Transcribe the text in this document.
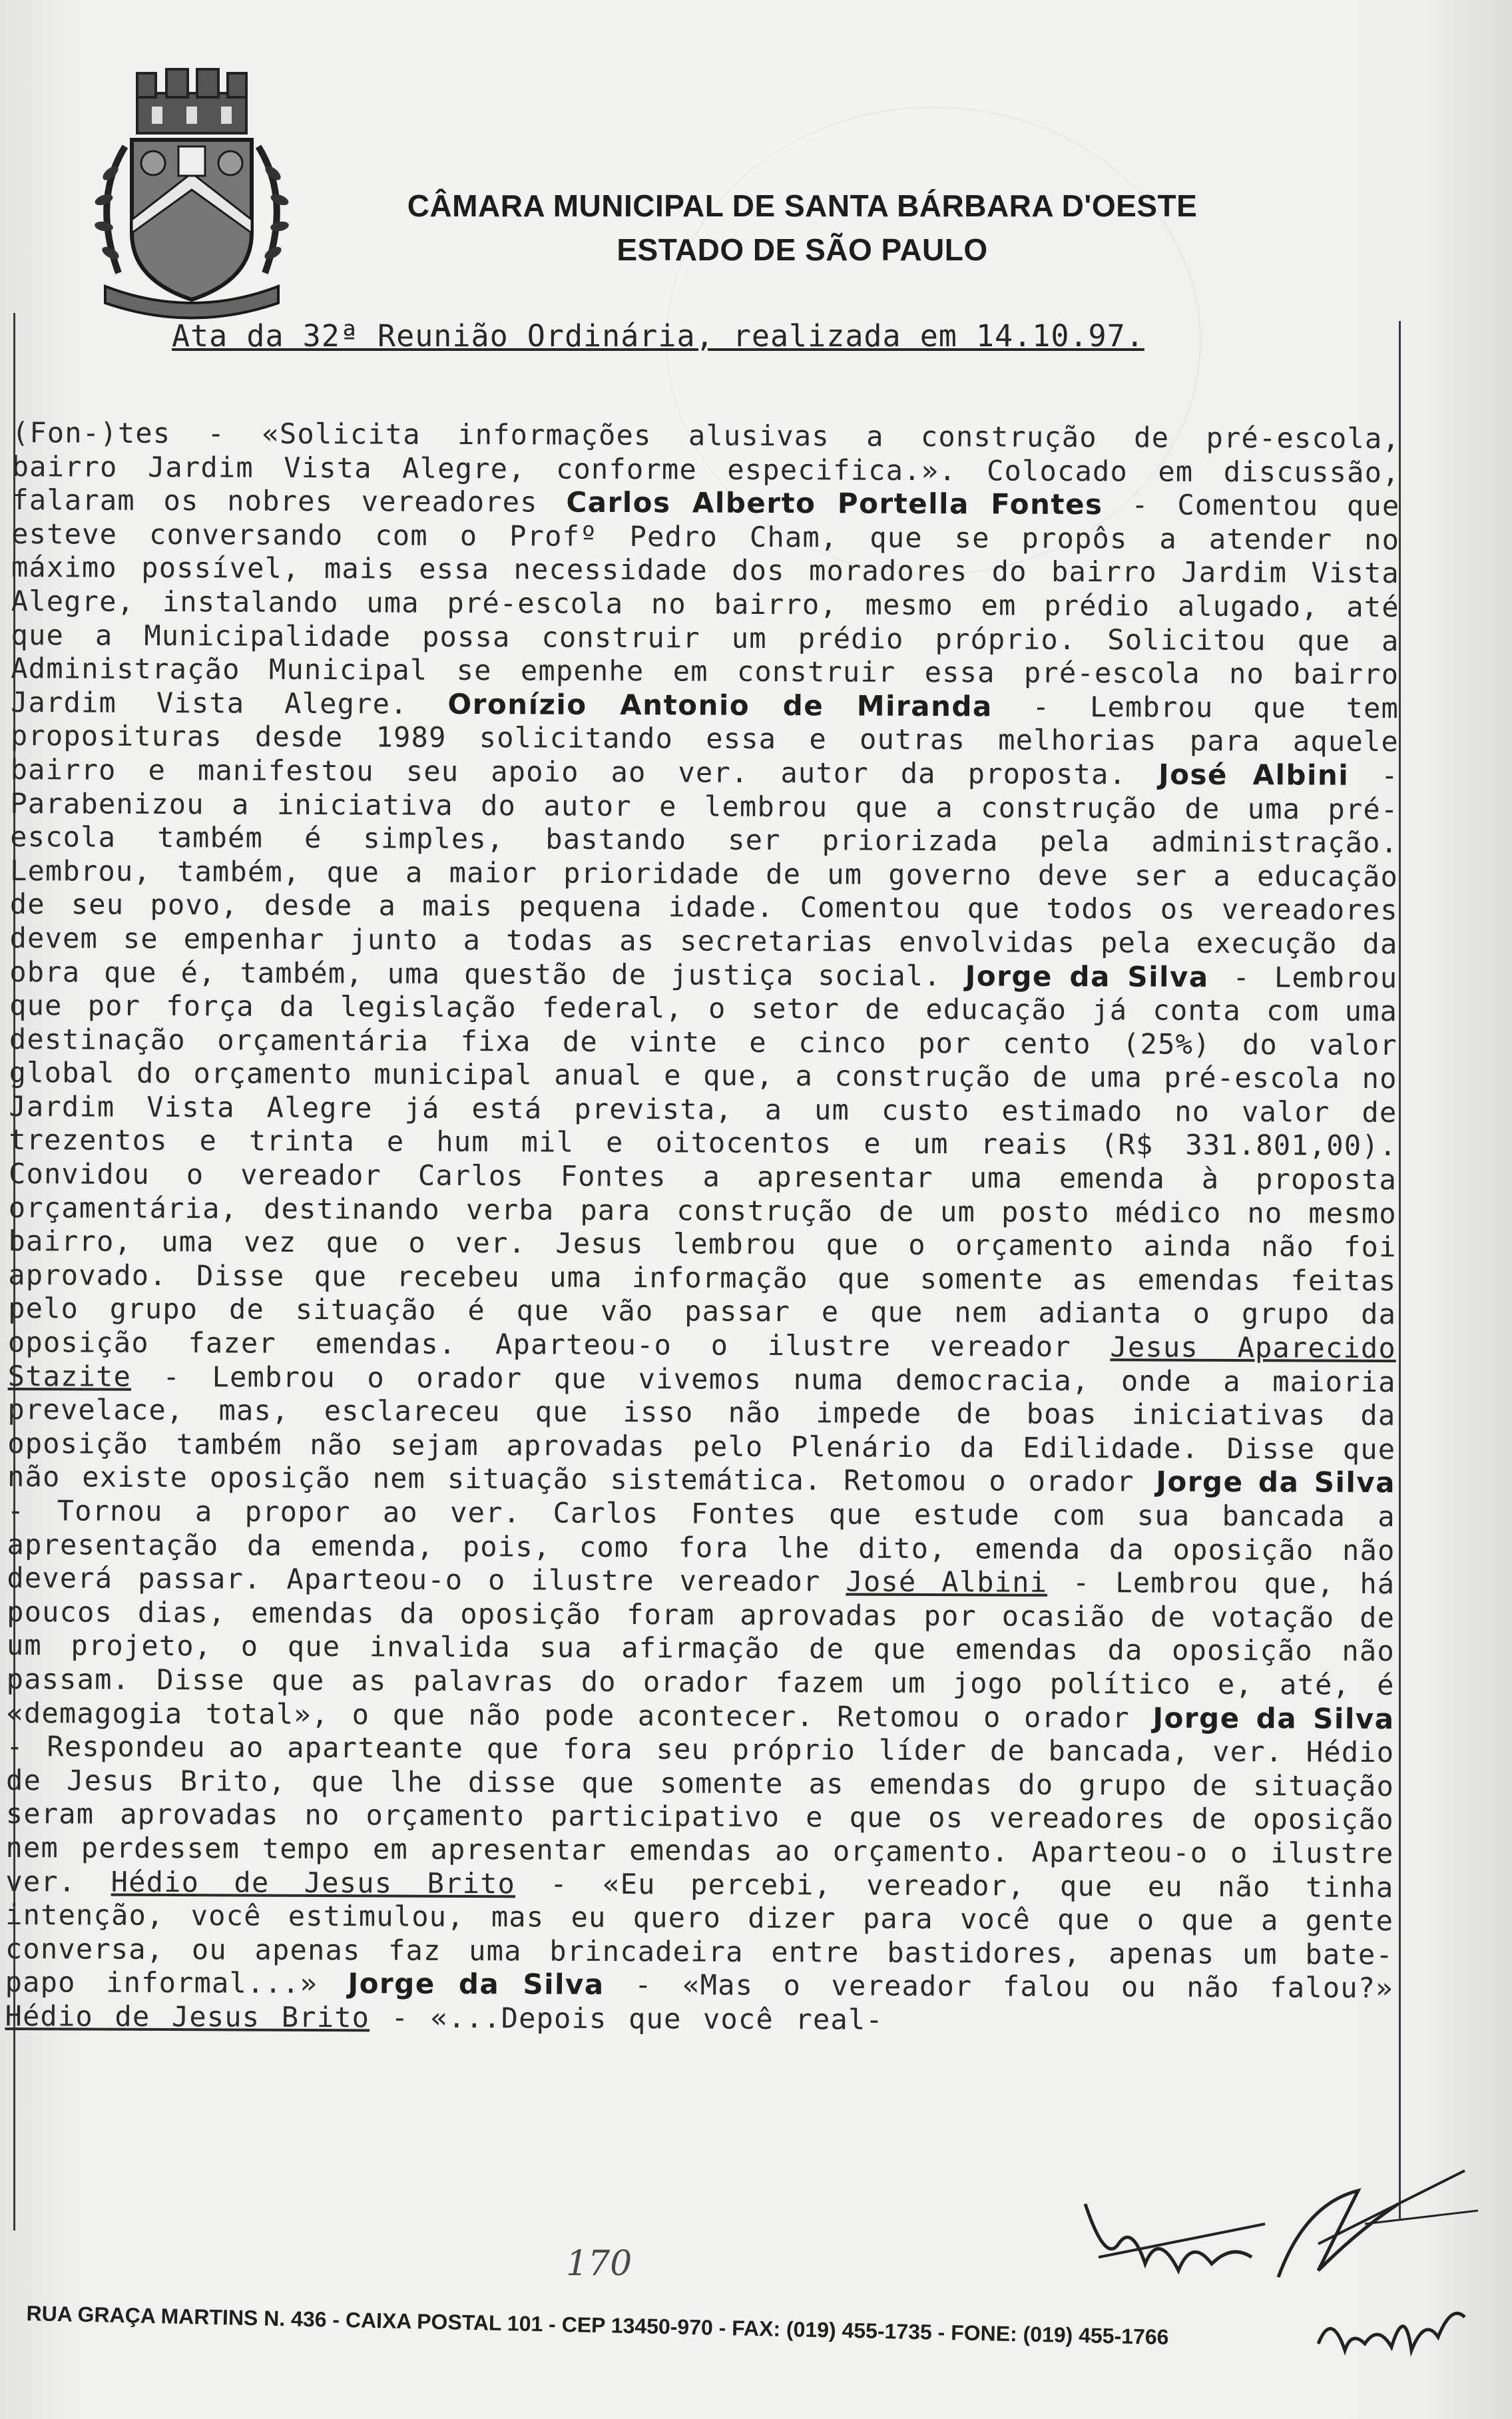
CÂMARA MUNICIPAL DE SANTA BÁRBARA D'OESTE
ESTADO DE SÃO PAULO
Ata da 32ª Reunião Ordinária, realizada em 14.10.97.
(Fon-)tes - «Solicita informações alusivas a construção de pré-escola, bairro Jardim Vista Alegre, conforme especifica.». Colocado em discussão, falaram os nobres vereadores Carlos Alberto Portella Fontes - Comentou que esteve conversando com o Profº Pedro Cham, que se propôs a atender no máximo possível, mais essa necessidade dos moradores do bairro Jardim Vista Alegre, instalando uma pré-escola no bairro, mesmo em prédio alugado, até que a Municipalidade possa construir um prédio próprio. Solicitou que a Administração Municipal se empenhe em construir essa pré-escola no bairro Jardim Vista Alegre. Oronízio Antonio de Miranda - Lembrou que tem proposituras desde 1989 solicitando essa e outras melhorias para aquele bairro e manifestou seu apoio ao ver. autor da proposta. José Albini - Parabenizou a iniciativa do autor e lembrou que a construção de uma pré-escola também é simples, bastando ser priorizada pela administração. Lembrou, também, que a maior prioridade de um governo deve ser a educação de seu povo, desde a mais pequena idade. Comentou que todos os vereadores devem se empenhar junto a todas as secretarias envolvidas pela execução da obra que é, também, uma questão de justiça social. Jorge da Silva - Lembrou que por força da legislação federal, o setor de educação já conta com uma destinação orçamentária fixa de vinte e cinco por cento (25%) do valor global do orçamento municipal anual e que, a construção de uma pré-escola no Jardim Vista Alegre já está prevista, a um custo estimado no valor de trezentos e trinta e hum mil e oitocentos e um reais (R$ 331.801,00). Convidou o vereador Carlos Fontes a apresentar uma emenda à proposta orçamentária, destinando verba para construção de um posto médico no mesmo bairro, uma vez que o ver. Jesus lembrou que o orçamento ainda não foi aprovado. Disse que recebeu uma informação que somente as emendas feitas pelo grupo de situação é que vão passar e que nem adianta o grupo da oposição fazer emendas. Aparteou-o o ilustre vereador Jesus Aparecido Stazite - Lembrou o orador que vivemos numa democracia, onde a maioria prevelace, mas, esclareceu que isso não impede de boas iniciativas da oposição também não sejam aprovadas pelo Plenário da Edilidade. Disse que não existe oposição nem situação sistemática. Retomou o orador Jorge da Silva - Tornou a propor ao ver. Carlos Fontes que estude com sua bancada a apresentação da emenda, pois, como fora lhe dito, emenda da oposição não deverá passar. Aparteou-o o ilustre vereador José Albini - Lembrou que, há poucos dias, emendas da oposição foram aprovadas por ocasião de votação de um projeto, o que invalida sua afirmação de que emendas da oposição não passam. Disse que as palavras do orador fazem um jogo político e, até, é «demagogia total», o que não pode acontecer. Retomou o orador Jorge da Silva - Respondeu ao aparteante que fora seu próprio líder de bancada, ver. Hédio de Jesus Brito, que lhe disse que somente as emendas do grupo de situação seram aprovadas no orçamento participativo e que os vereadores de oposição nem perdessem tempo em apresentar emendas ao orçamento. Aparteou-o o ilustre ver. Hédio de Jesus Brito - «Eu percebi, vereador, que eu não tinha intenção, você estimulou, mas eu quero dizer para você que o que a gente conversa, ou apenas faz uma brincadeira entre bastidores, apenas um bate-papo informal...» Jorge da Silva - «Mas o vereador falou ou não falou?» Hédio de Jesus Brito - «...Depois que você real-
170
RUA GRAÇA MARTINS N. 436 - CAIXA POSTAL 101 - CEP 13450-970 - FAX: (019) 455-1735 - FONE: (019) 455-1766
